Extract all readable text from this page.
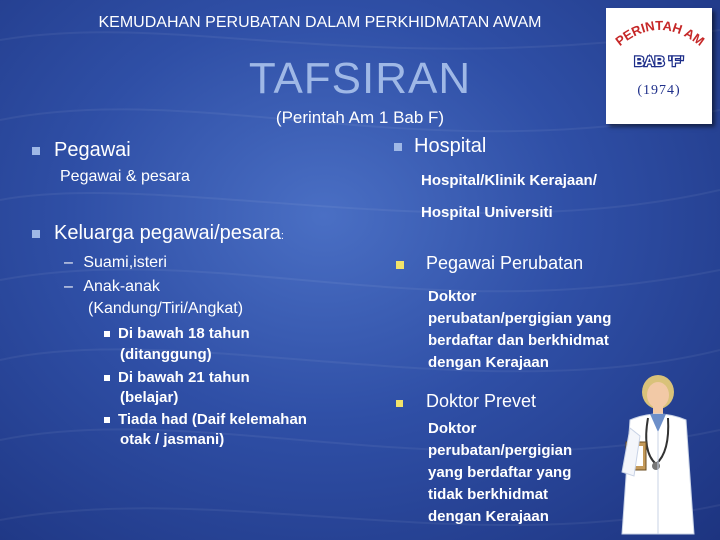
KEMUDAHAN PERUBATAN DALAM PERKHIDMATAN AWAM
TAFSIRAN
(Perintah Am 1 Bab F)
PERINTAH AM
BAB 'F'
(1974)
Pegawai
Pegawai & pesara
Keluarga pegawai/pesara:
– Suami,isteri
– Anak-anak
(Kandung/Tiri/Angkat)
Di bawah 18 tahun
(ditanggung)
Di bawah 21 tahun
(belajar)
Tiada had (Daif kelemahan
otak / jasmani)
Hospital
Hospital/Klinik Kerajaan/
Hospital Universiti
Pegawai Perubatan
Doktor
perubatan/pergigian yang
berdaftar dan berkhidmat
dengan Kerajaan
Doktor Prevet
Doktor
perubatan/pergigian
yang berdaftar yang
tidak berkhidmat
dengan Kerajaan
